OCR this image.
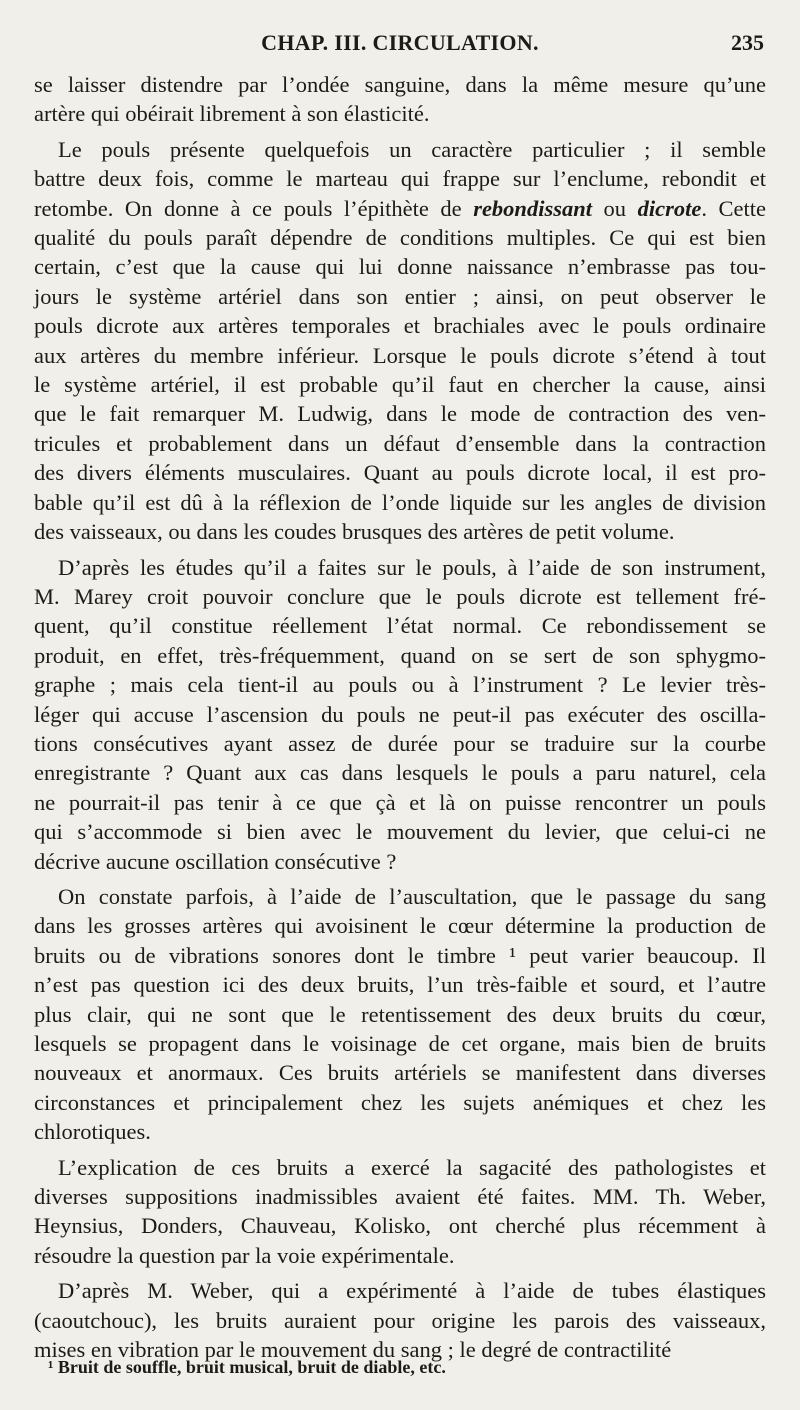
CHAP. III. CIRCULATION.	235

se laisser distendre par l’ondée sanguine, dans la même mesure qu’une
artère qui obéirait librement à son élasticité.

Le pouls présente quelquefois un caractère particulier ; il semble
battre deux fois, comme le marteau qui frappe sur l’enclume, rebondit et
retombe. On donne à ce pouls l’épithète de rebondissant ou dicrote. Cette
qualité du pouls paraît dépendre de conditions multiples. Ce qui est bien
certain, c’est que la cause qui lui donne naissance n’embrasse pas tou-
jours le système artériel dans son entier ; ainsi, on peut observer le
pouls dicrote aux artères temporales et brachiales avec le pouls ordinaire
aux artères du membre inférieur. Lorsque le pouls dicrote s’étend à tout
le système artériel, il est probable qu’il faut en chercher la cause, ainsi
que le fait remarquer M. Ludwig, dans le mode de contraction des ven-
tricules et probablement dans un défaut d’ensemble dans la contraction
des divers éléments musculaires. Quant au pouls dicrote local, il est pro-
bable qu’il est dû à la réflexion de l’onde liquide sur les angles de division
des vaisseaux, ou dans les coudes brusques des artères de petit volume.

D’après les études qu’il a faites sur le pouls, à l’aide de son instrument,
M. Marey croit pouvoir conclure que le pouls dicrote est tellement fré-
quent, qu’il constitue réellement l’état normal. Ce rebondissement se
produit, en effet, très-fréquemment, quand on se sert de son sphygmo-
graphe ; mais cela tient-il au pouls ou à l’instrument ? Le levier très-
léger qui accuse l’ascension du pouls ne peut-il pas exécuter des oscilla-
tions consécutives ayant assez de durée pour se traduire sur la courbe
enregistrante ? Quant aux cas dans lesquels le pouls a paru naturel, cela
ne pourrait-il pas tenir à ce que çà et là on puisse rencontrer un pouls
qui s’accommode si bien avec le mouvement du levier, que celui-ci ne
décrive aucune oscillation consécutive ?

On constate parfois, à l’aide de l’auscultation, que le passage du sang
dans les grosses artères qui avoisinent le cœur détermine la production de
bruits ou de vibrations sonores dont le timbre ¹ peut varier beaucoup. Il
n’est pas question ici des deux bruits, l’un très-faible et sourd, et l’autre
plus clair, qui ne sont que le retentissement des deux bruits du cœur,
lesquels se propagent dans le voisinage de cet organe, mais bien de bruits
nouveaux et anormaux. Ces bruits artériels se manifestent dans diverses
circonstances et principalement chez les sujets anémiques et chez les
chlorotiques.

L’explication de ces bruits a exercé la sagacité des pathologistes et
diverses suppositions inadmissibles avaient été faites. MM. Th. Weber,
Heynsius, Donders, Chauveau, Kolisko, ont cherché plus récemment à
résoudre la question par la voie expérimentale.

D’après M. Weber, qui a expérimenté à l’aide de tubes élastiques
(caoutchouc), les bruits auraient pour origine les parois des vaisseaux,
mises en vibration par le mouvement du sang ; le degré de contractilité

¹ Bruit de souffle, bruit musical, bruit de diable, etc.
